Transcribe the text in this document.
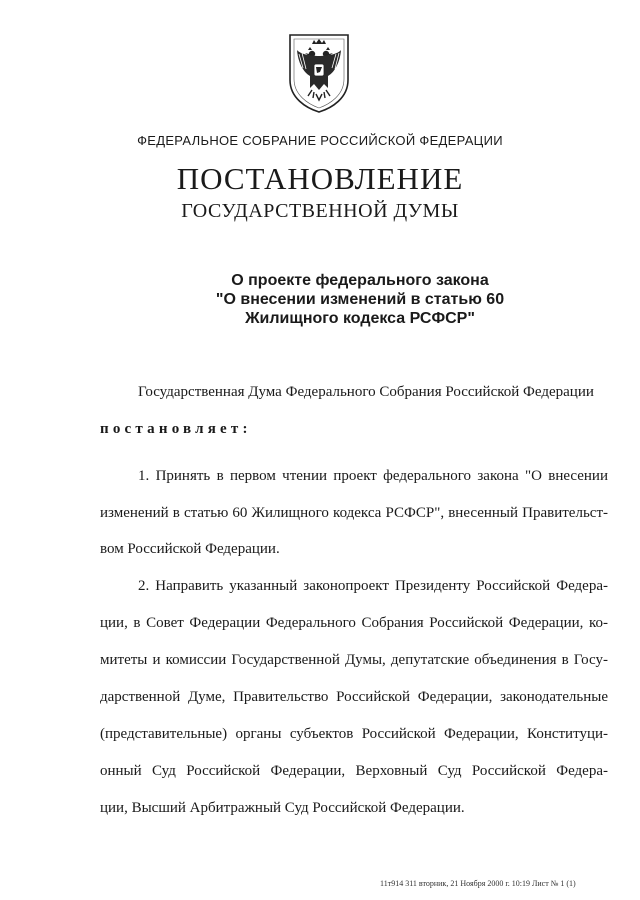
ФЕДЕРАЛЬНОЕ СОБРАНИЕ РОССИЙСКОЙ ФЕДЕРАЦИИ
ПОСТАНОВЛЕНИЕ
ГОСУДАРСТВЕННОЙ ДУМЫ
О проекте федерального закона
"О внесении изменений в статью 60
Жилищного кодекса РСФСР"
Государственная Дума Федерального Собрания Российской Федерации
постановляет:
1. Принять в первом чтении проект федерального закона "О внесении
изменений в статью 60 Жилищного кодекса РСФСР", внесенный Правительст-
вом Российской Федерации.
2. Направить указанный законопроект Президенту Российской Федера-
ции, в Совет Федерации Федерального Собрания Российской Федерации, ко-
митеты и комиссии Государственной Думы, депутатские объединения в Госу-
дарственной Думе, Правительство Российской Федерации, законодательные
(представительные) органы субъектов Российской Федерации, Конституци-
онный Суд Российской Федерации, Верховный Суд Российской Федера-
ции, Высший Арбитражный Суд Российской Федерации.
11т914 311 вторник, 21 Ноября 2000 г. 10:19 Лист № 1 (1)
